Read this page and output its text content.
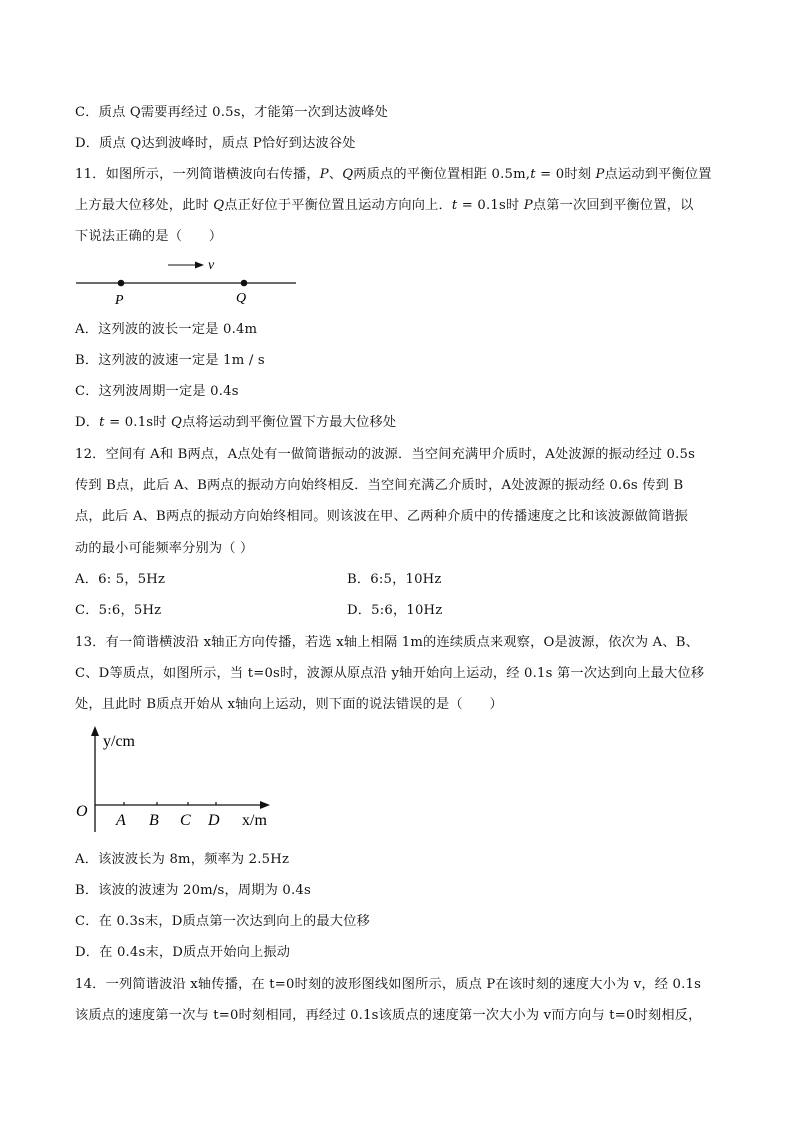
C．质点 Q需要再经过 0.5s，才能第一次到达波峰处
D．质点 Q达到波峰时，质点 P恰好到达波谷处
11．如图所示，一列简谐横波向右传播，P、Q两质点的平衡位置相距 0.5m,t = 0时刻 P点运动到平衡位置
上方最大位移处，此时 Q点正好位于平衡位置且运动方向向上．t = 0.1s时 P点第一次回到平衡位置，以
下说法正确的是（　　）
v
P	Q
A．这列波的波长一定是 0.4m
B．这列波的波速一定是 1m / s
C．这列波周期一定是 0.4s
D．t = 0.1s时 Q点将运动到平衡位置下方最大位移处
12．空间有 A和 B两点，A点处有一做简谐振动的波源．当空间充满甲介质时，A处波源的振动经过 0.5s
传到 B点，此后 A、B两点的振动方向始终相反．当空间充满乙介质时，A处波源的振动经 0.6s 传到 B
点，此后 A、B两点的振动方向始终相同。则该波在甲、乙两种介质中的传播速度之比和该波源做简谐振
动的最小可能频率分别为（ ）
A．6: 5，5Hz	B．6:5，10Hz
C．5:6，5Hz	D．5:6，10Hz
13．有一简谐横波沿 x轴正方向传播，若选 x轴上相隔 1m的连续质点来观察，O是波源，依次为 A、B、
C、D等质点，如图所示，当 t=0s时，波源从原点沿 y轴开始向上运动，经 0.1s 第一次达到向上最大位移
处，且此时 B质点开始从 x轴向上运动，则下面的说法错误的是（　　）
y/cm
x/m
O
A B C D
A．该波波长为 8m，频率为 2.5Hz
B．该波的波速为 20m/s，周期为 0.4s
C．在 0.3s末，D质点第一次达到向上的最大位移
D．在 0.4s末，D质点开始向上振动
14．一列简谐波沿 x轴传播，在 t=0时刻的波形图线如图所示，质点 P在该时刻的速度大小为 v，经 0.1s
该质点的速度第一次与 t=0时刻相同，再经过 0.1s该质点的速度第一次大小为 v而方向与 t=0时刻相反，
